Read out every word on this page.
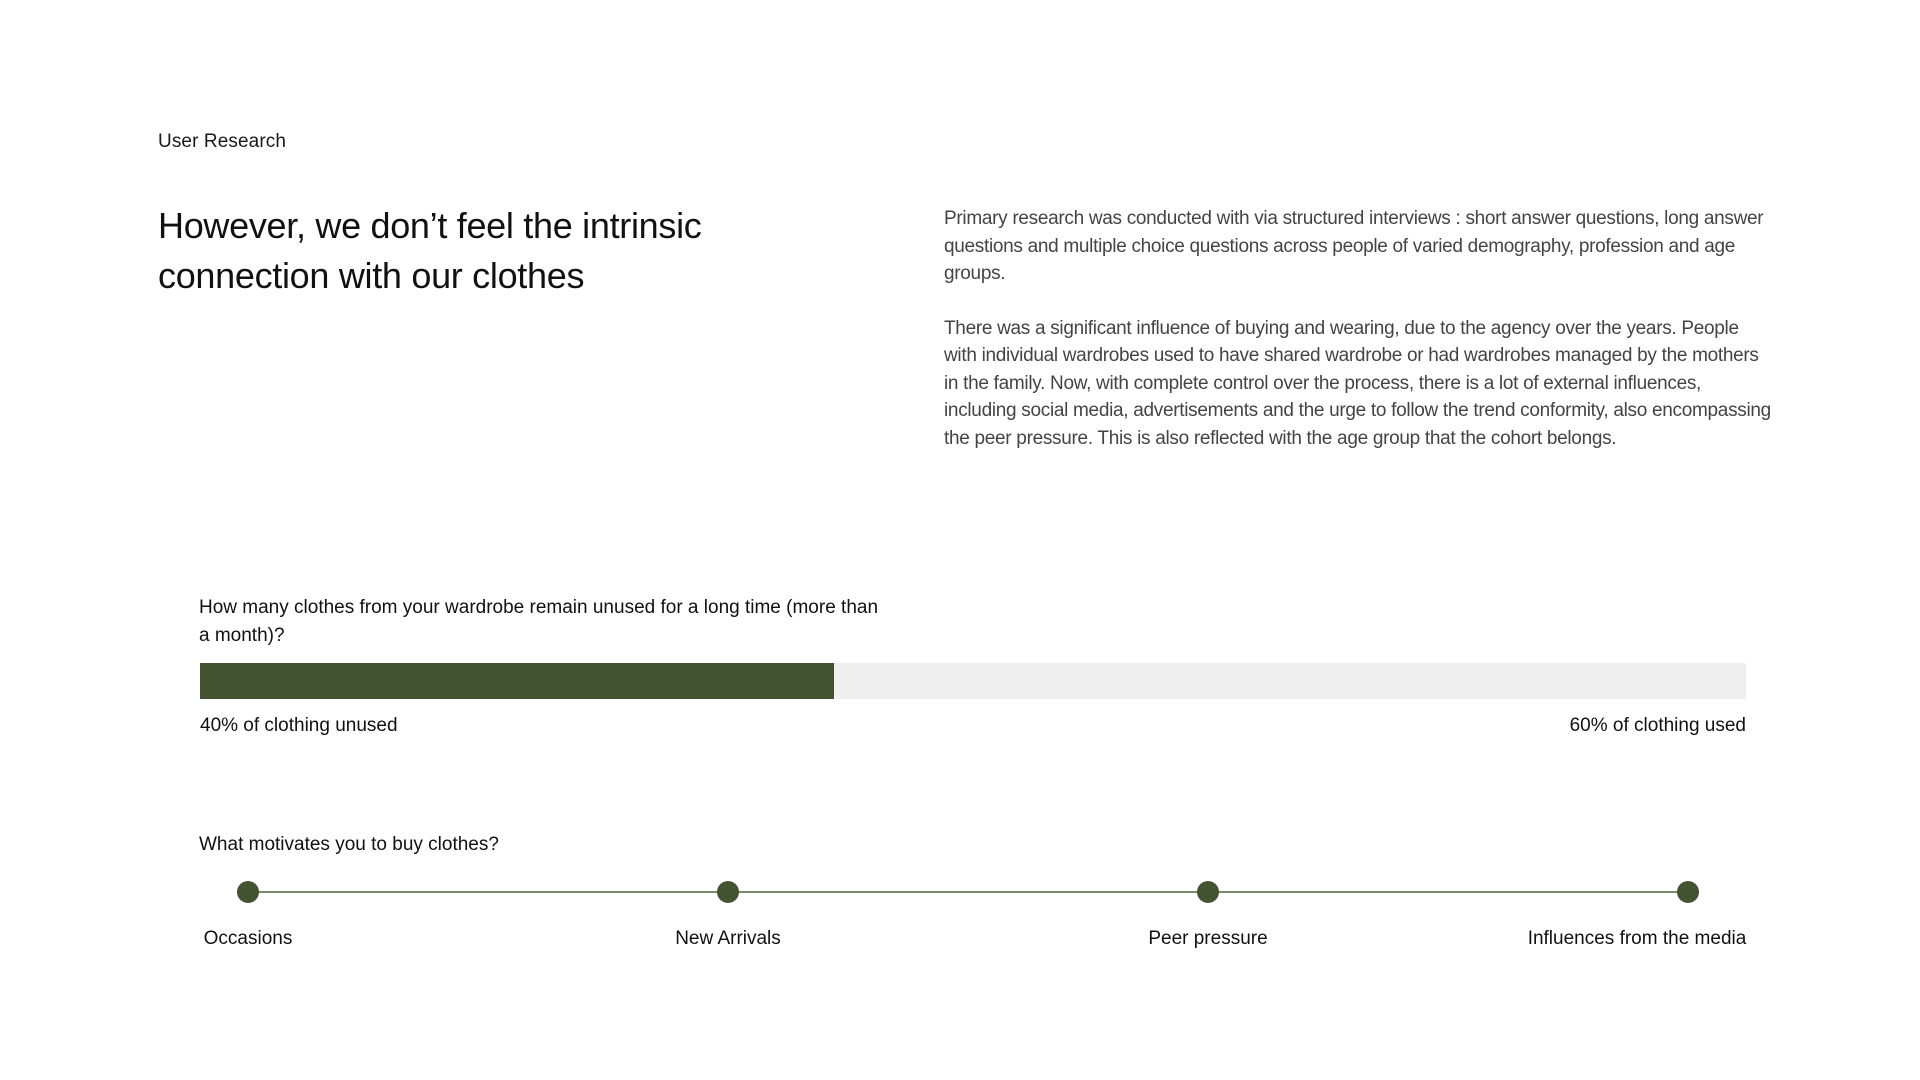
User Research
However, we don’t feel the intrinsic connection with our clothes

Primary research was conducted with via structured interviews : short answer questions, long answer questions and multiple choice questions across people of varied demography, profession and age groups.

There was a significant influence of buying and wearing, due to the agency over the years. People with individual wardrobes used to have shared wardrobe or had wardrobes managed by the mothers in the family. Now, with complete control over the process, there is a lot of external influences, including social media, advertisements and the urge to follow the trend conformity, also encompassing the peer pressure. This is also reflected with the age group that the cohort belongs.

How many clothes from your wardrobe remain unused for a long time (more than a month)?
40% of clothing unused	60% of clothing used
What motivates you to buy clothes?
Occasions	New Arrivals	Peer pressure	Influences from the media
